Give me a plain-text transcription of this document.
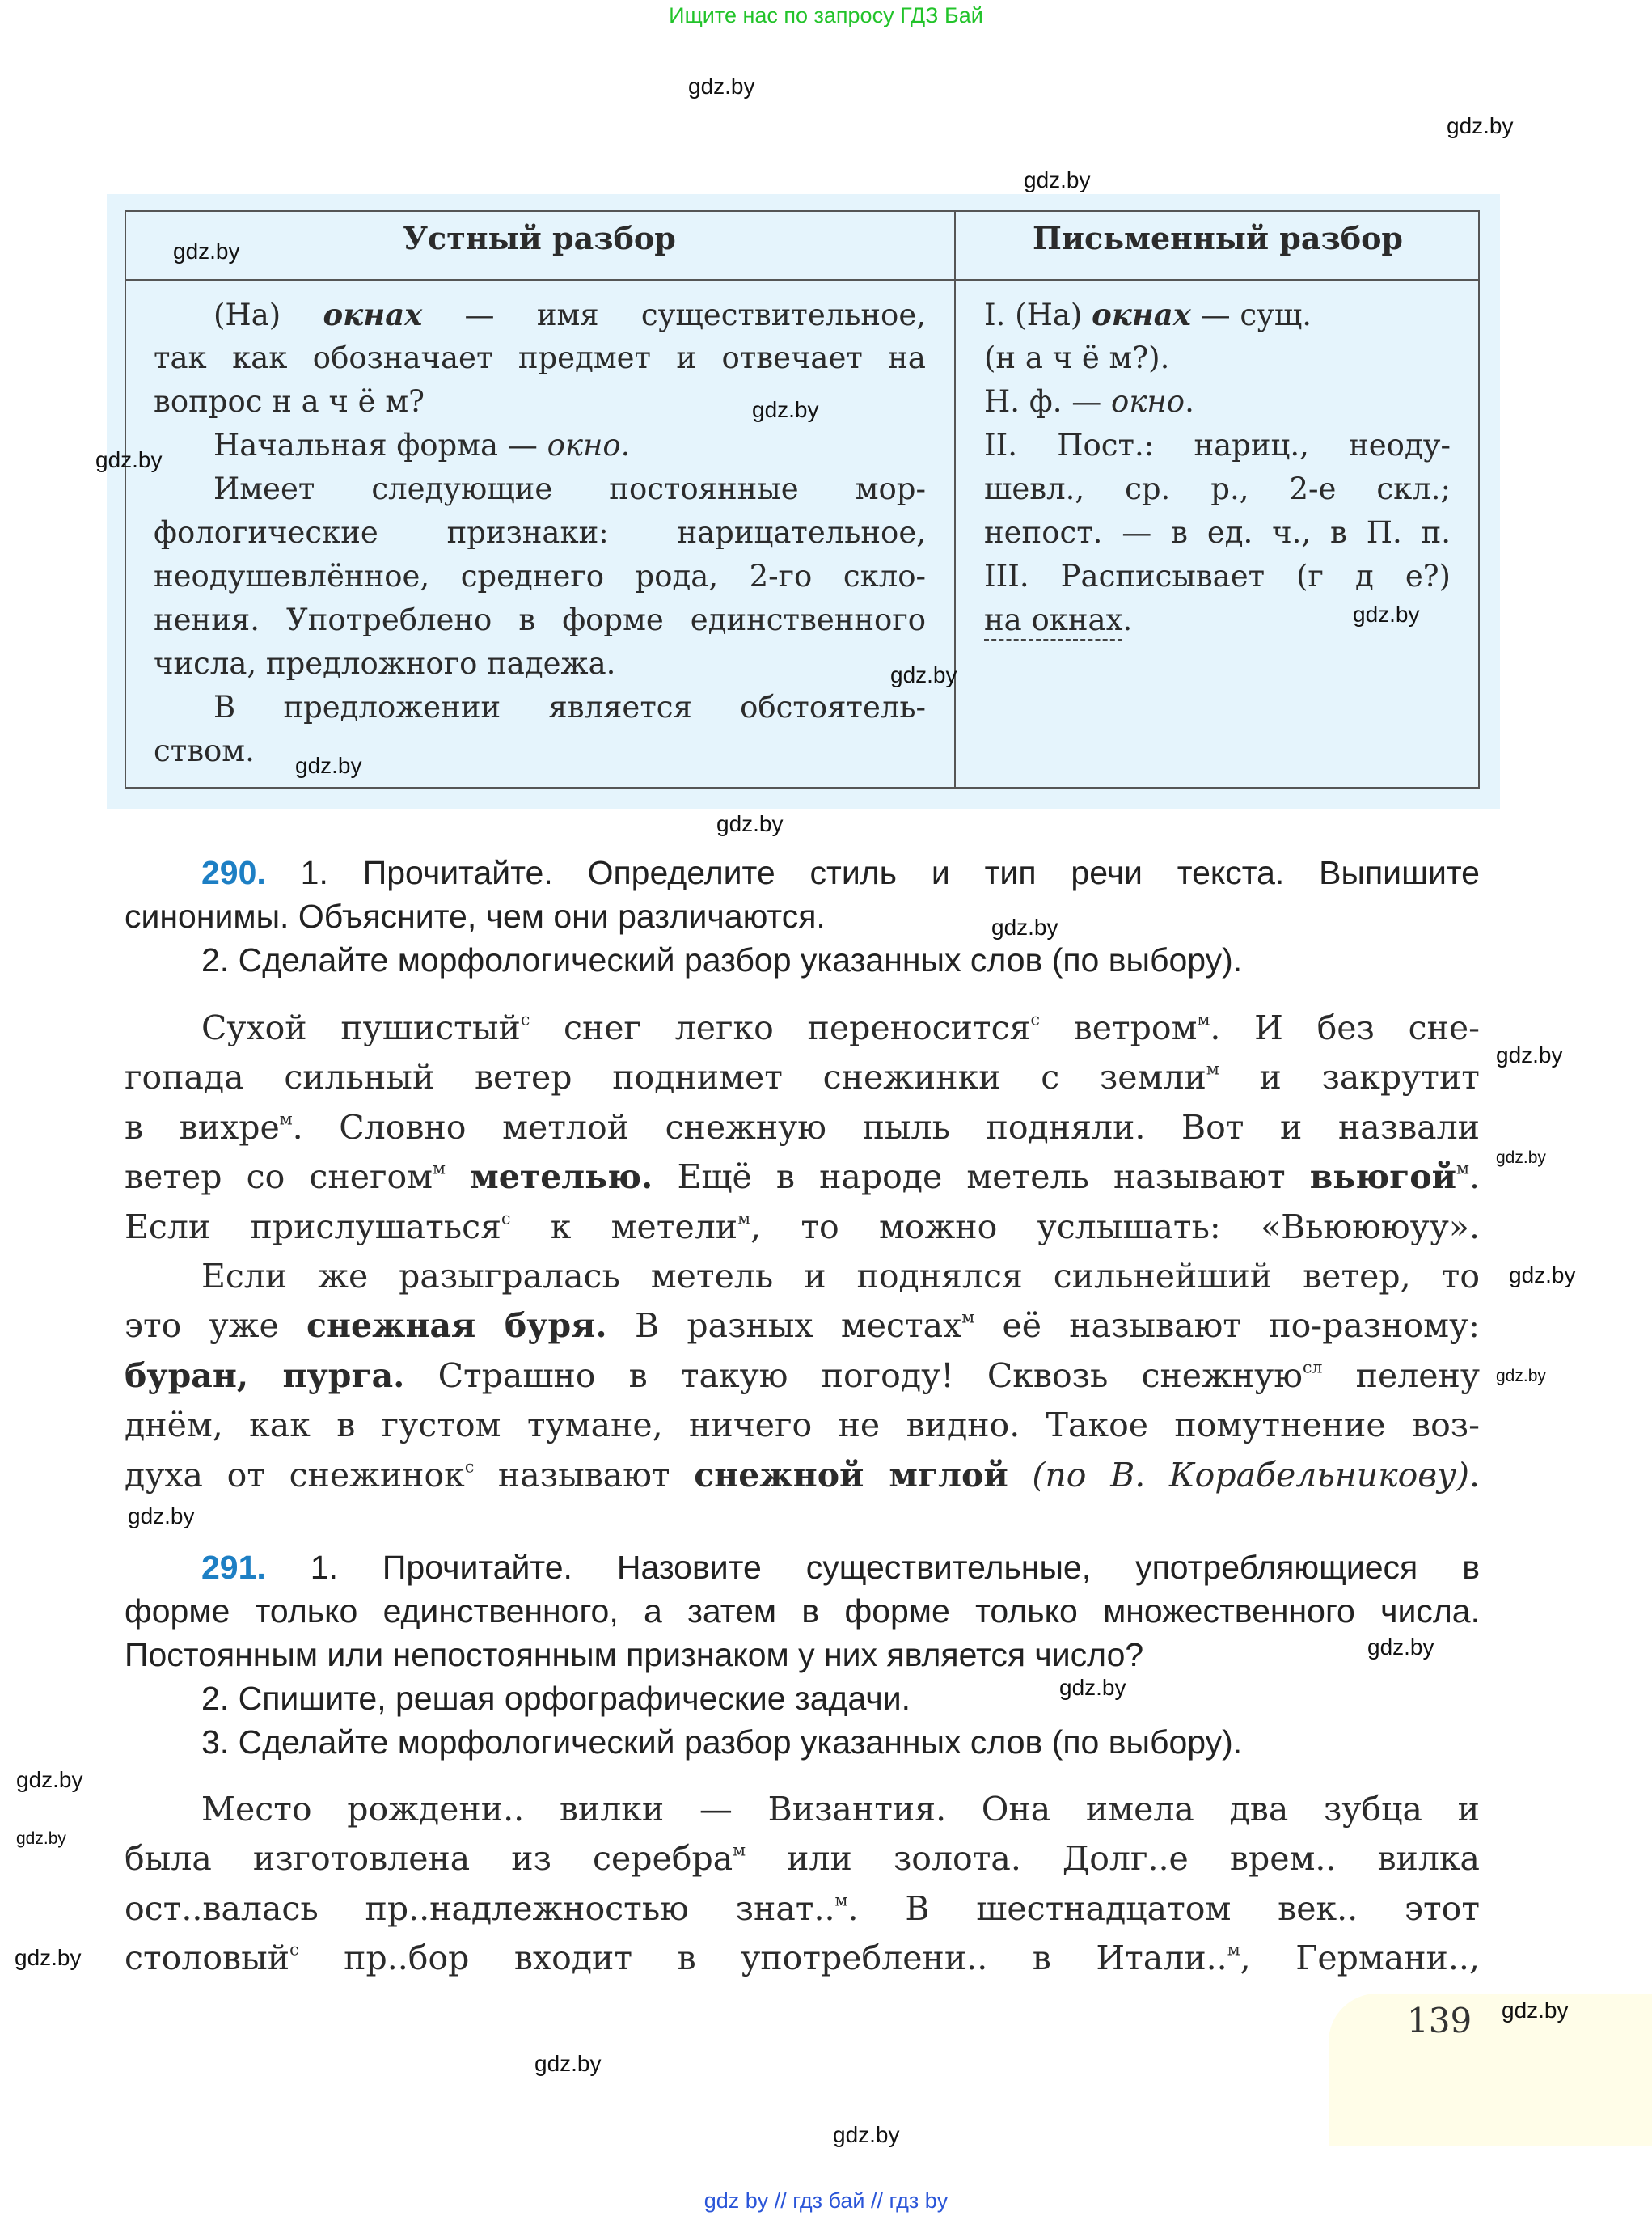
Ищите нас по запросу ГДЗ Бай
Устный разбор	Письменный разбор
(На) окнах — имя существительное,
так как обозначает предмет и отвечает на
вопрос н а ч ё м?
Начальная форма — окно.
Имеет следующие постоянные мор-
фологические признаки: нарицательное,
неодушевлённое, среднего рода, 2-го скло-
нения. Употреблено в форме единственного
числа, предложного падежа.
В предложении является обстоятель-
ством.
I. (На) окнах — сущ.
(н а ч ё м?).
Н. ф. — окно.
II. Пост.: нариц., неоду-
шевл., ср. р., 2-е скл.;
непост. — в ед. ч., в П. п.
III. Расписывает (г д е?)
на окнах.
290. 1. Прочитайте. Определите стиль и тип речи текста. Выпишите
синонимы. Объясните, чем они различаются.
2. Сделайте морфологический разбор указанных слов (по выбору).
Сухой пушистый$^с$ снег легко переносится$^с$ ветром$^м$. И без сне-
гопада сильный ветер поднимет снежинки с земли$^м$ и закрутит
в вихре$^м$. Словно метлой снежную пыль подняли. Вот и назвали
ветер со снегом$^м$ метелью. Ещё в народе метель называют вьюгой$^м$.
Если прислушаться$^с$ к метели$^м$, то можно услышать: «Вьюююуу».
Если же разыгралась метель и поднялся сильнейший ветер, то
это уже снежная буря. В разных местах$^м$ её называют по-разному:
буран, пурга. Страшно в такую погоду! Сквозь снежную$^{сл}$ пелену
днём, как в густом тумане, ничего не видно. Такое помутнение воз-
духа от снежинок$^с$ называют снежной мглой (по В. Корабельникову).
291. 1. Прочитайте. Назовите существительные, употребляющиеся в
форме только единственного, а затем в форме только множественного числа.
Постоянным или непостоянным признаком у них является число?
2. Спишите, решая орфографические задачи.
3. Сделайте морфологический разбор указанных слов (по выбору).
Место рождени.. вилки — Византия. Она имела два зубца и
была изготовлена из серебра$^м$ или золота. Долг..е врем.. вилка
ост..валась пр..надлежностью знат..$^м$. В шестнадцатом век.. этот
столовый$^с$ пр..бор входит в употреблени.. в Итали..$^м$, Германи..,
139
gdz.by
gdz.by
gdz.by
gdz.by
gdz.by
gdz.by
gdz.by
gdz.by
gdz.by
gdz.by
gdz.by
gdz.by
gdz.by
gdz.by
gdz.by
gdz.by
gdz.by
gdz.by
gdz.by
gdz.by
gdz.by
gdz.by
gdz.by
gdz.by
gdz by // гдз бай // гдз by
